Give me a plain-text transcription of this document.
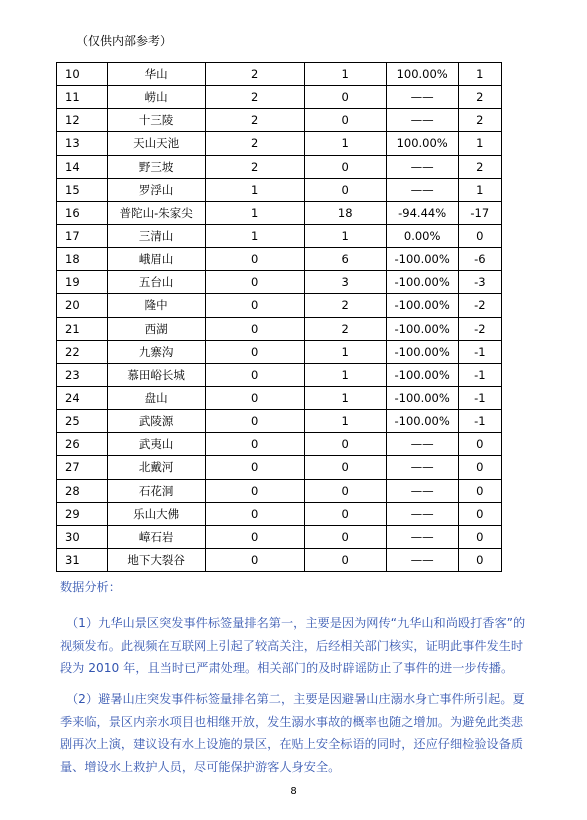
（仅供内部参考）
10	华山	2	1	100.00%	1
11	崂山	2	0	——	2
12	十三陵	2	0	——	2
13	天山天池	2	1	100.00%	1
14	野三坡	2	0	——	2
15	罗浮山	1	0	——	1
16	普陀山-朱家尖	1	18	-94.44%	-17
17	三清山	1	1	0.00%	0
18	峨眉山	0	6	-100.00%	-6
19	五台山	0	3	-100.00%	-3
20	隆中	0	2	-100.00%	-2
21	西湖	0	2	-100.00%	-2
22	九寨沟	0	1	-100.00%	-1
23	慕田峪长城	0	1	-100.00%	-1
24	盘山	0	1	-100.00%	-1
25	武陵源	0	1	-100.00%	-1
26	武夷山	0	0	——	0
27	北戴河	0	0	——	0
28	石花洞	0	0	——	0
29	乐山大佛	0	0	——	0
30	嶂石岩	0	0	——	0
31	地下大裂谷	0	0	——	0
数据分析：

（1）九华山景区突发事件标签量排名第一，主要是因为网传“九华山和尚殴打香客”的视频发布。此视频在互联网上引起了较高关注，后经相关部门核实，证明此事件发生时段为 2010 年，且当时已严肃处理。相关部门的及时辟谣防止了事件的进一步传播。

（2）避暑山庄突发事件标签量排名第二，主要是因避暑山庄溺水身亡事件所引起。夏季来临，景区内亲水项目也相继开放，发生溺水事故的概率也随之增加。为避免此类悲剧再次上演，建议设有水上设施的景区，在贴上安全标语的同时，还应仔细检验设备质量、增设水上救护人员，尽可能保护游客人身安全。

8
